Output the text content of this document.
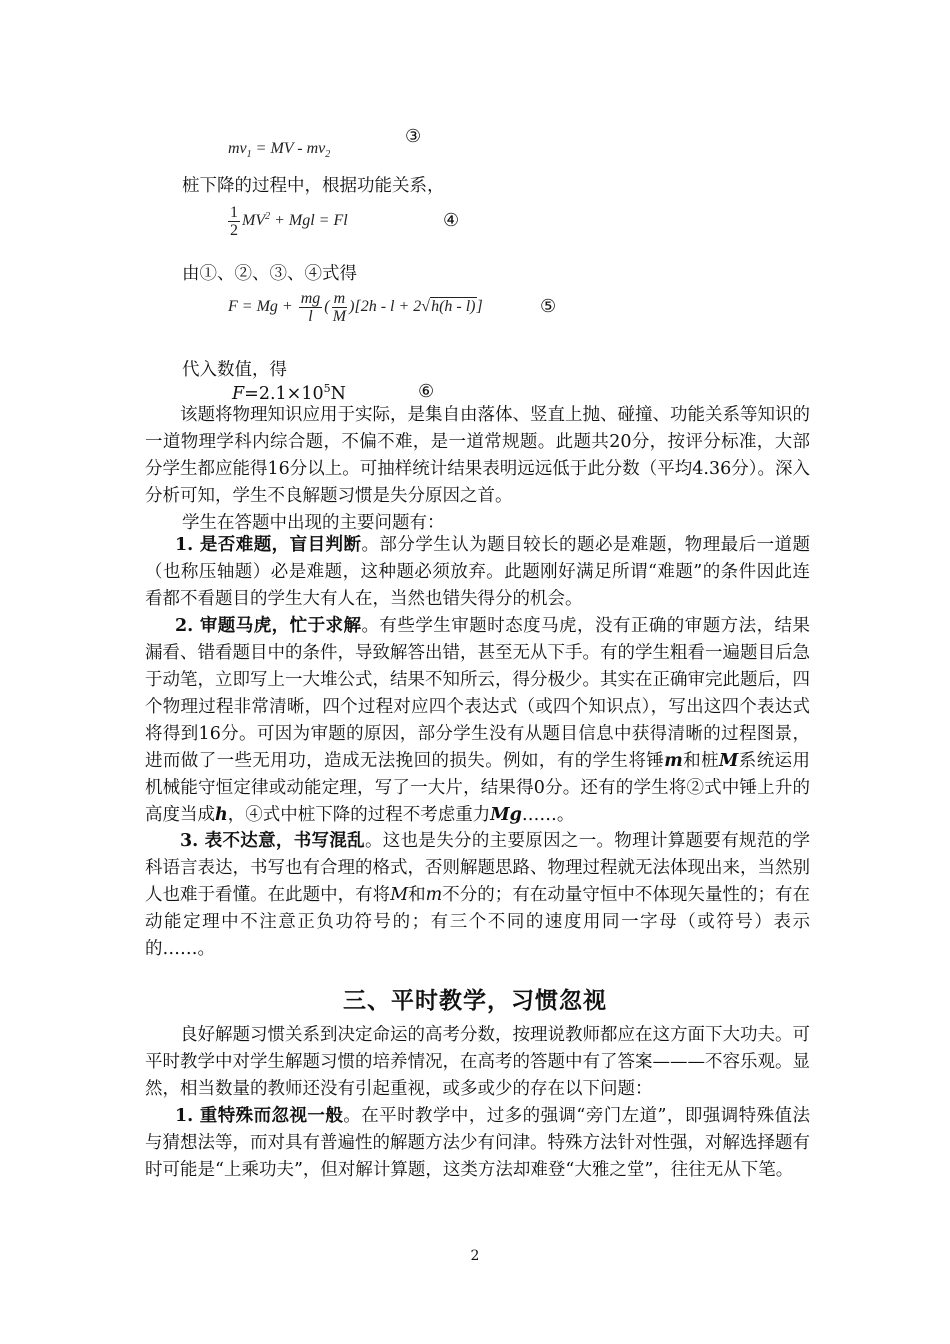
$mv_1$ = MV - $mv_2$
③
桩下降的过程中，根据功能关系，
$\frac{1}{2} MV^2$ + Mgl = Fl	④
由①、②、③、④式得
$F = Mg + \frac{mg}{l}$ ( $\frac{m}{M} )[2h - l + 2√h(h - l)]$	⑤
代入数值，得
$F=2.1\times 10^5N$	⑥
该题将物理知识应用于实际，是集自由落体、竖直上抛、碰撞、功能关系等知识的一道物理学科内综合题，不偏不难，是一道常规题。此题共20分，按评分标准，大部分学生都应能得16分以上。可抽样统计结果表明远远低于此分数（平均4.36分）。深入分析可知，学生不良解题习惯是失分原因之首。
学生在答题中出现的主要问题有：
1. 是否难题，盲目判断。部分学生认为题目较长的题必是难题，物理最后一道题（也称压轴题）必是难题，这种题必须放弃。此题刚好满足所谓“难题”的条件因此连看都不看题目的学生大有人在，当然也错失得分的机会。
2. 审题马虎，忙于求解。有些学生审题时态度马虎，没有正确的审题方法，结果漏看、错看题目中的条件，导致解答出错，甚至无从下手。有的学生粗看一遍题目后急于动笔，立即写上一大堆公式，结果不知所云，得分极少。其实在正确审完此题后，四个物理过程非常清晰，四个过程对应四个表达式（或四个知识点），写出这四个表达式将得到16分。可因为审题的原因，部分学生没有从题目信息中获得清晰的过程图景，进而做了一些无用功，造成无法挽回的损失。例如，有的学生将锤m和桩M系统运用机械能守恒定律或动能定理，写了一大片，结果得0分。还有的学生将②式中锤上升的高度当成h，④式中桩下降的过程不考虑重力Mg……。
3. 表不达意，书写混乱。这也是失分的主要原因之一。物理计算题要有规范的学科语言表达，书写也有合理的格式，否则解题思路、物理过程就无法体现出来，当然别人也难于看懂。在此题中，有将M和m不分的；有在动量守恒中不体现矢量性的；有在动能定理中不注意正负功符号的；有三个不同的速度用同一字母（或符号）表示的……。
三、平时教学，习惯忽视
良好解题习惯关系到决定命运的高考分数，按理说教师都应在这方面下大功夫。可平时教学中对学生解题习惯的培养情况，在高考的答题中有了答案———不容乐观。显然，相当数量的教师还没有引起重视，或多或少的存在以下问题：
1. 重特殊而忽视一般。在平时教学中，过多的强调“旁门左道”，即强调特殊值法与猜想法等，而对具有普遍性的解题方法少有问津。特殊方法针对性强，对解选择题有时可能是“上乘功夫”，但对解计算题，这类方法却难登“大雅之堂”，往往无从下笔。
2
